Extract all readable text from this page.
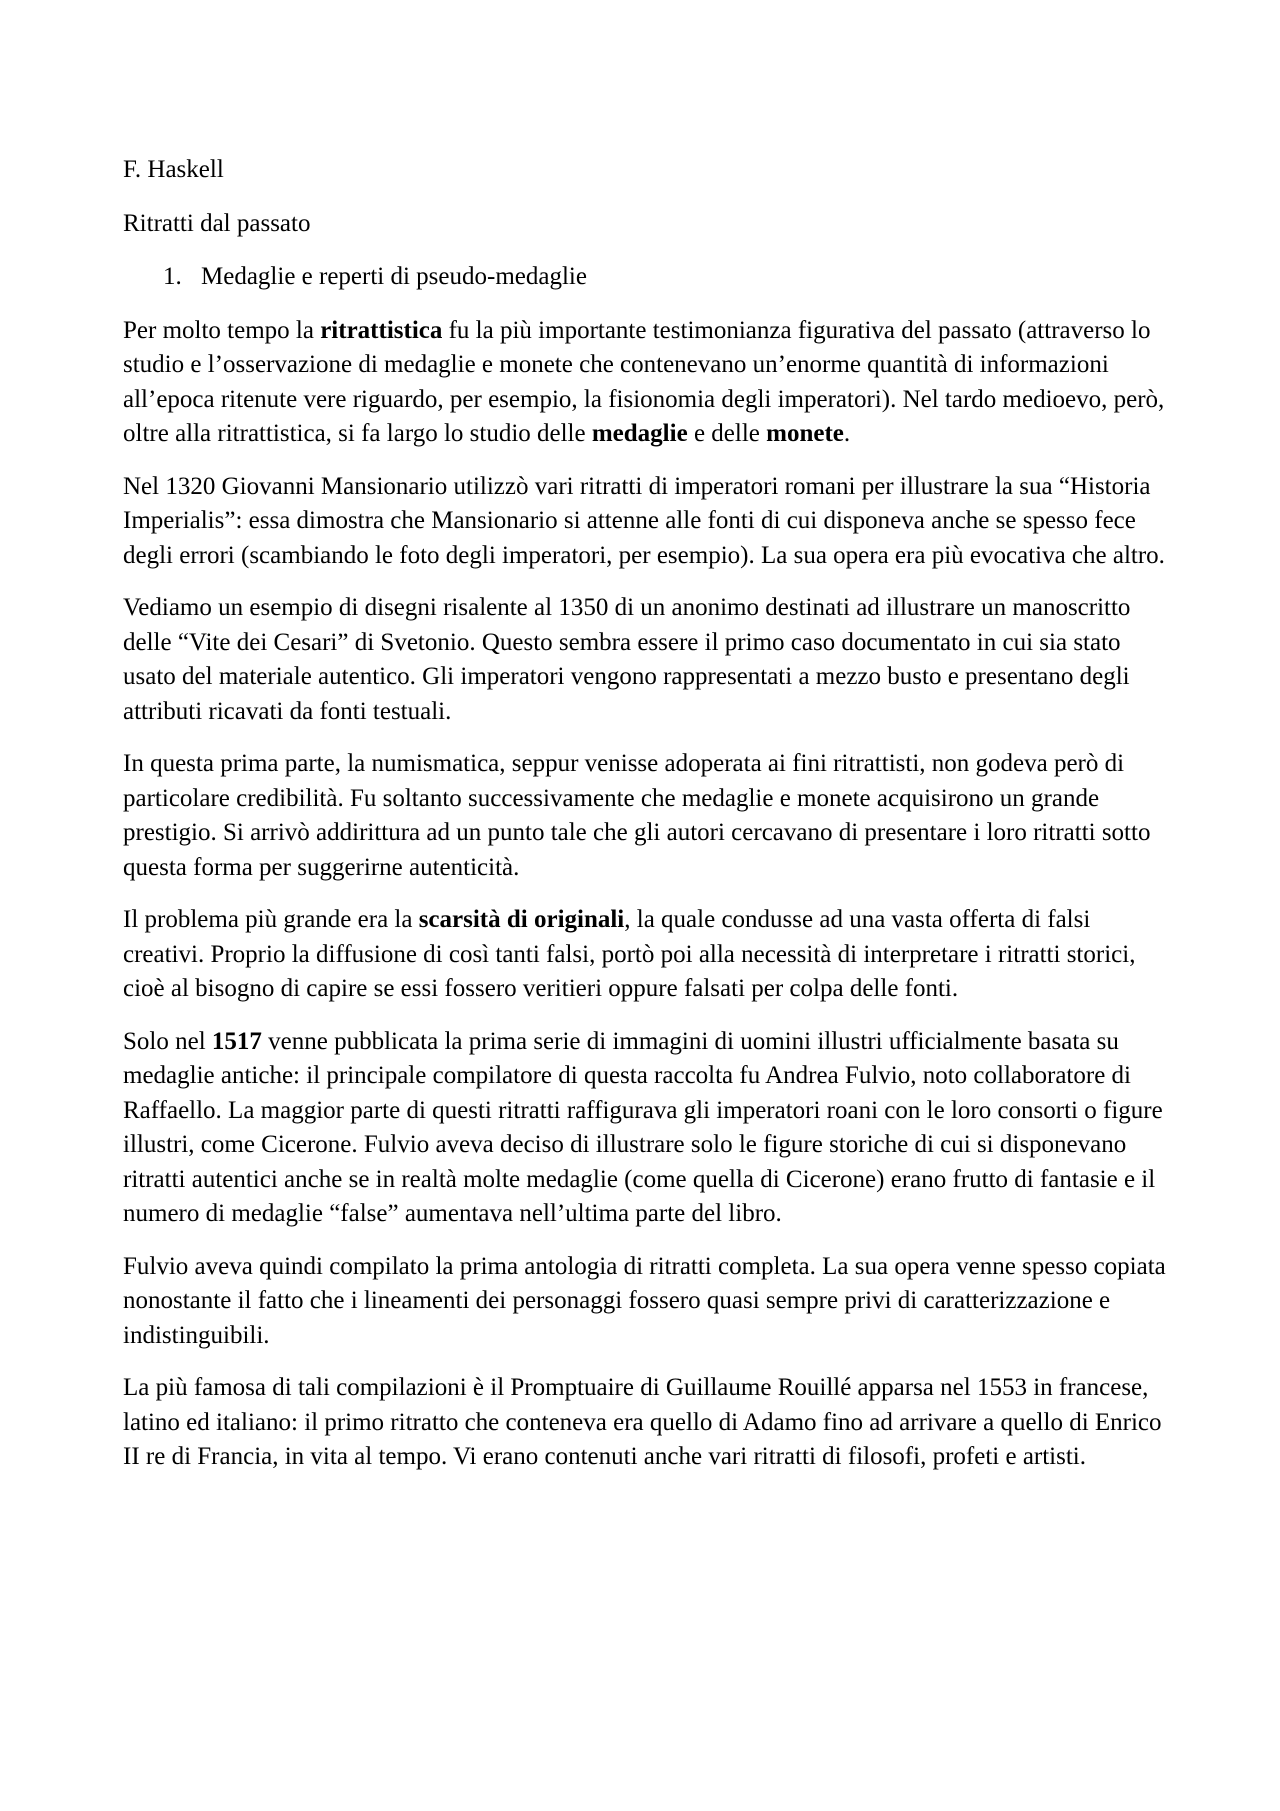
F. Haskell
Ritratti dal passato
1. Medaglie e reperti di pseudo-medaglie

Per molto tempo la ritrattistica fu la più importante testimonianza figurativa del passato (attraverso lo studio e l’osservazione di medaglie e monete che contenevano un’enorme quantità di informazioni all’epoca ritenute vere riguardo, per esempio, la fisionomia degli imperatori). Nel tardo medioevo, però, oltre alla ritrattistica, si fa largo lo studio delle medaglie e delle monete.

Nel 1320 Giovanni Mansionario utilizzò vari ritratti di imperatori romani per illustrare la sua “Historia Imperialis”: essa dimostra che Mansionario si attenne alle fonti di cui disponeva anche se spesso fece degli errori (scambiando le foto degli imperatori, per esempio). La sua opera era più evocativa che altro.

Vediamo un esempio di disegni risalente al 1350 di un anonimo destinati ad illustrare un manoscritto delle “Vite dei Cesari” di Svetonio. Questo sembra essere il primo caso documentato in cui sia stato usato del materiale autentico. Gli imperatori vengono rappresentati a mezzo busto e presentano degli attributi ricavati da fonti testuali.

In questa prima parte, la numismatica, seppur venisse adoperata ai fini ritrattisti, non godeva però di particolare credibilità. Fu soltanto successivamente che medaglie e monete acquisirono un grande prestigio. Si arrivò addirittura ad un punto tale che gli autori cercavano di presentare i loro ritratti sotto questa forma per suggerirne autenticità.

Il problema più grande era la scarsità di originali, la quale condusse ad una vasta offerta di falsi creativi. Proprio la diffusione di così tanti falsi, portò poi alla necessità di interpretare i ritratti storici, cioè al bisogno di capire se essi fossero veritieri oppure falsati per colpa delle fonti.

Solo nel 1517 venne pubblicata la prima serie di immagini di uomini illustri ufficialmente basata su medaglie antiche: il principale compilatore di questa raccolta fu Andrea Fulvio, noto collaboratore di Raffaello. La maggior parte di questi ritratti raffigurava gli imperatori roani con le loro consorti o figure illustri, come Cicerone. Fulvio aveva deciso di illustrare solo le figure storiche di cui si disponevano ritratti autentici anche se in realtà molte medaglie (come quella di Cicerone) erano frutto di fantasie e il numero di medaglie “false” aumentava nell’ultima parte del libro.

Fulvio aveva quindi compilato la prima antologia di ritratti completa. La sua opera venne spesso copiata nonostante il fatto che i lineamenti dei personaggi fossero quasi sempre privi di caratterizzazione e indistinguibili.

La più famosa di tali compilazioni è il Promptuaire di Guillaume Rouillé apparsa nel 1553 in francese, latino ed italiano: il primo ritratto che conteneva era quello di Adamo fino ad arrivare a quello di Enrico II re di Francia, in vita al tempo. Vi erano contenuti anche vari ritratti di filosofi, profeti e artisti.
